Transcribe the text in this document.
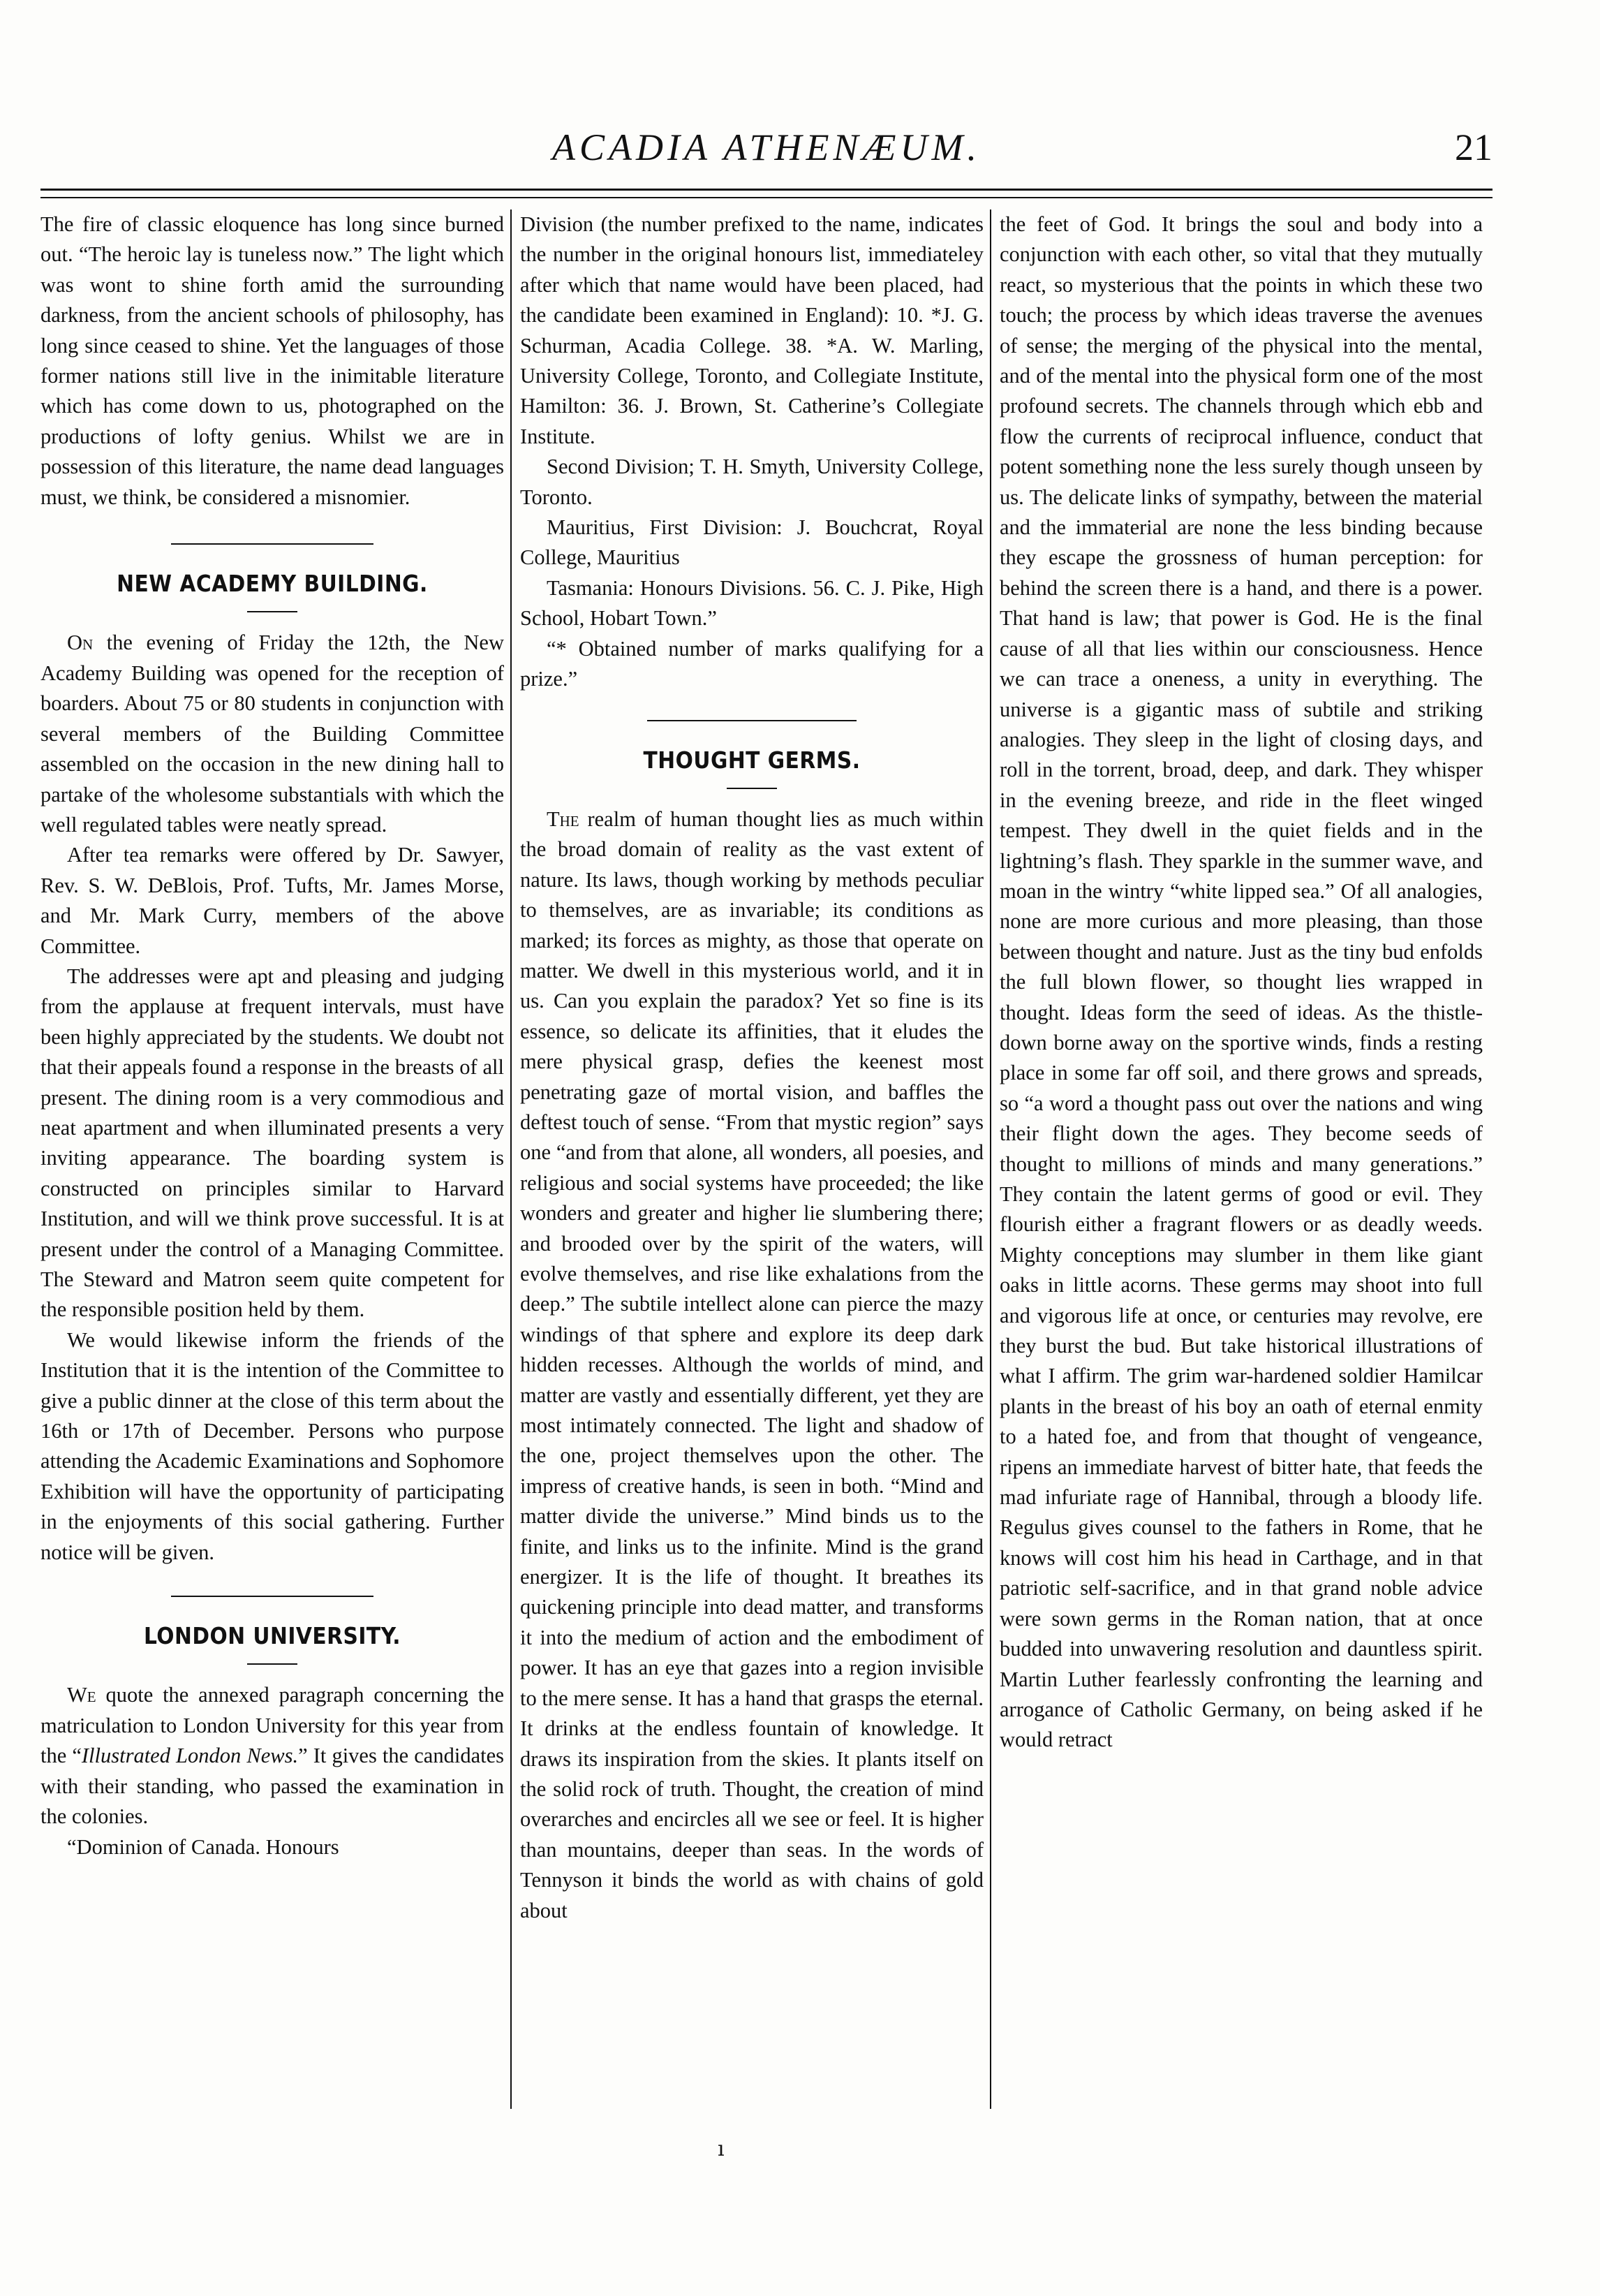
ACADIA ATHENÆUM.	21

The fire of classic eloquence has long since burned out. “The heroic lay is tuneless now.” The light which was wont to shine forth amid the surrounding darkness, from the ancient schools of philosophy, has long since ceased to shine. Yet the languages of those former nations still live in the inimitable literature which has come down to us, photographed on the productions of lofty genius. Whilst we are in possession of this literature, the name dead languages must, we think, be considered a misnomier.

NEW ACADEMY BUILDING.

On the evening of Friday the 12th, the New Academy Building was opened for the reception of boarders. About 75 or 80 students in conjunction with several members of the Building Committee assembled on the occasion in the new dining hall to partake of the wholesome substantials with which the well regulated tables were neatly spread.

After tea remarks were offered by Dr. Sawyer, Rev. S. W. DeBlois, Prof. Tufts, Mr. James Morse, and Mr. Mark Curry, members of the above Committee.

The addresses were apt and pleasing and judging from the applause at frequent intervals, must have been highly appreciated by the students. We doubt not that their appeals found a response in the breasts of all present. The dining room is a very commodious and neat apartment and when illuminated presents a very inviting appearance. The boarding system is constructed on principles similar to Harvard Institution, and will we think prove successful. It is at present under the control of a Managing Committee. The Steward and Matron seem quite competent for the responsible position held by them.

We would likewise inform the friends of the Institution that it is the intention of the Committee to give a public dinner at the close of this term about the 16th or 17th of December. Persons who purpose attending the Academic Examinations and Sophomore Exhibition will have the opportunity of participating in the enjoyments of this social gathering. Further notice will be given.

LONDON UNIVERSITY.

We quote the annexed paragraph concerning the matriculation to London University for this year from the “Illustrated London News.” It gives the candidates with their standing, who passed the examination in the colonies.

“Dominion of Canada. Honours

Division (the number prefixed to the name, indicates the number in the original honours list, immediateley after which that name would have been placed, had the candidate been examined in England): 10. *J. G. Schurman, Acadia College. 38. *A. W. Marling, University College, Toronto, and Collegiate Institute, Hamilton: 36. J. Brown, St. Catherine’s Collegiate Institute.

Second Division; T. H. Smyth, University College, Toronto.

Mauritius, First Division: J. Bouchcrat, Royal College, Mauritius

Tasmania: Honours Divisions. 56. C. J. Pike, High School, Hobart Town.”

“* Obtained number of marks qualifying for a prize.”

THOUGHT GERMS.

The realm of human thought lies as much within the broad domain of reality as the vast extent of nature. Its laws, though working by methods peculiar to themselves, are as invariable; its conditions as marked; its forces as mighty, as those that operate on matter. We dwell in this mysterious world, and it in us. Can you explain the paradox? Yet so fine is its essence, so delicate its affinities, that it eludes the mere physical grasp, defies the keenest most penetrating gaze of mortal vision, and baffles the deftest touch of sense. “From that mystic region” says one “and from that alone, all wonders, all poesies, and religious and social systems have proceeded; the like wonders and greater and higher lie slumbering there; and brooded over by the spirit of the waters, will evolve themselves, and rise like exhalations from the deep.” The subtile intellect alone can pierce the mazy windings of that sphere and explore its deep dark hidden recesses. Although the worlds of mind, and matter are vastly and essentially different, yet they are most intimately connected. The light and shadow of the one, project themselves upon the other. The impress of creative hands, is seen in both. “Mind and matter divide the universe.” Mind binds us to the finite, and links us to the infinite. Mind is the grand energizer. It is the life of thought. It breathes its quickening principle into dead matter, and transforms it into the medium of action and the embodiment of power. It has an eye that gazes into a region invisible to the mere sense. It has a hand that grasps the eternal. It drinks at the endless fountain of knowledge. It draws its inspiration from the skies. It plants itself on the solid rock of truth. Thought, the creation of mind overarches and encircles all we see or feel. It is higher than mountains, deeper than seas. In the words of Tennyson it binds the world as with chains of gold about

the feet of God. It brings the soul and body into a conjunction with each other, so vital that they mutually react, so mysterious that the points in which these two touch; the process by which ideas traverse the avenues of sense; the merging of the physical into the mental, and of the mental into the physical form one of the most profound secrets. The channels through which ebb and flow the currents of reciprocal influence, conduct that potent something none the less surely though unseen by us. The delicate links of sympathy, between the material and the immaterial are none the less binding because they escape the grossness of human perception: for behind the screen there is a hand, and there is a power. That hand is law; that power is God. He is the final cause of all that lies within our consciousness. Hence we can trace a oneness, a unity in everything. The universe is a gigantic mass of subtile and striking analogies. They sleep in the light of closing days, and roll in the torrent, broad, deep, and dark. They whisper in the evening breeze, and ride in the fleet winged tempest. They dwell in the quiet fields and in the lightning’s flash. They sparkle in the summer wave, and moan in the wintry “white lipped sea.” Of all analogies, none are more curious and more pleasing, than those between thought and nature. Just as the tiny bud enfolds the full blown flower, so thought lies wrapped in thought. Ideas form the seed of ideas. As the thistle-down borne away on the sportive winds, finds a resting place in some far off soil, and there grows and spreads, so “a word a thought pass out over the nations and wing their flight down the ages. They become seeds of thought to millions of minds and many generations.” They contain the latent germs of good or evil. They flourish either a fragrant flowers or as deadly weeds. Mighty conceptions may slumber in them like giant oaks in little acorns. These germs may shoot into full and vigorous life at once, or centuries may revolve, ere they burst the bud. But take historical illustrations of what I affirm. The grim war-hardened soldier Hamilcar plants in the breast of his boy an oath of eternal enmity to a hated foe, and from that thought of vengeance, ripens an immediate harvest of bitter hate, that feeds the mad infuriate rage of Hannibal, through a bloody life. Regulus gives counsel to the fathers in Rome, that he knows will cost him his head in Carthage, and in that patriotic self-sacrifice, and in that grand noble advice were sown germs in the Roman nation, that at once budded into unwavering resolution and dauntless spirit. Martin Luther fearlessly confronting the learning and arrogance of Catholic Germany, on being asked if he would retract

ı
